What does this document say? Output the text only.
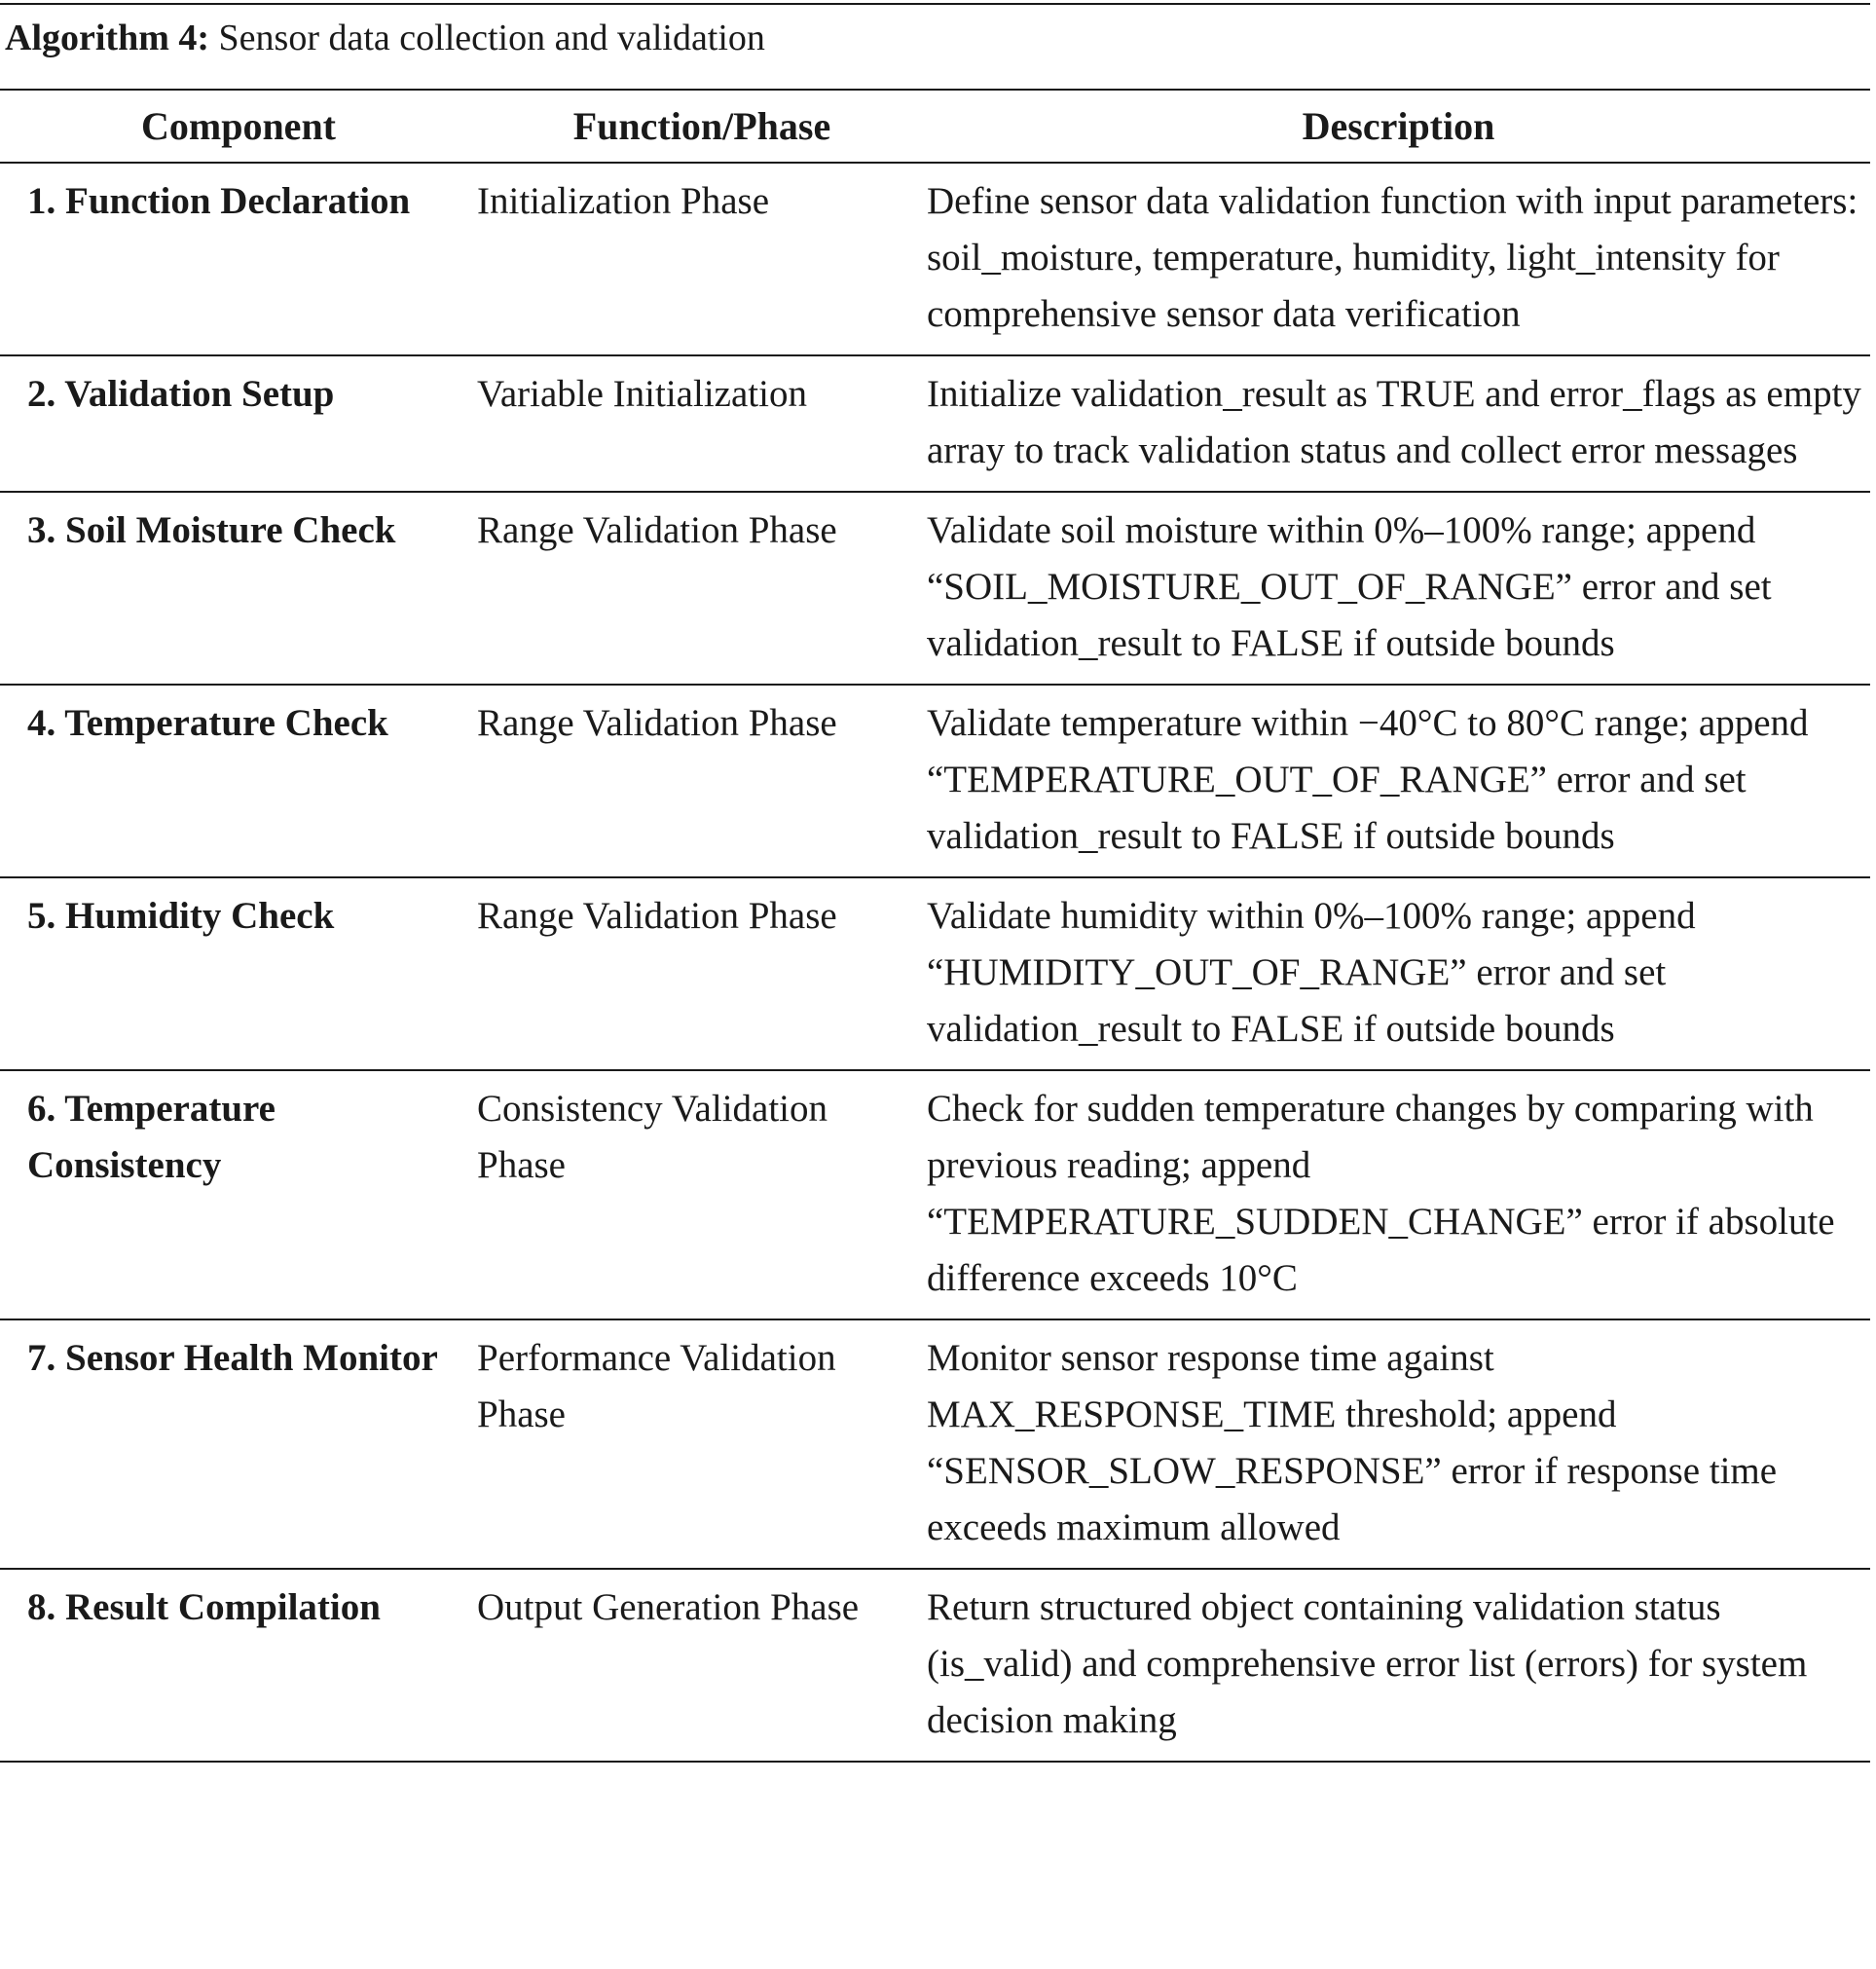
Algorithm 4: Sensor data collection and validation
Component	Function/Phase	Description
1. Function Declaration	Initialization Phase	Define sensor data validation function with input parameters: soil_moisture, temperature, humidity, light_intensity for comprehensive sensor data verification
2. Validation Setup	Variable Initialization	Initialize validation_result as TRUE and error_flags as empty array to track validation status and collect error messages
3. Soil Moisture Check	Range Validation Phase	Validate soil moisture within 0%–100% range; append “SOIL_MOISTURE_OUT_OF_RANGE” error and set validation_result to FALSE if outside bounds
4. Temperature Check	Range Validation Phase	Validate temperature within −40°C to 80°C range; append “TEMPERATURE_OUT_OF_RANGE” error and set validation_result to FALSE if outside bounds
5. Humidity Check	Range Validation Phase	Validate humidity within 0%–100% range; append “HUMIDITY_OUT_OF_RANGE” error and set validation_result to FALSE if outside bounds
6. Temperature Consistency	Consistency Validation Phase	Check for sudden temperature changes by comparing with previous reading; append “TEMPERATURE_SUDDEN_CHANGE” error if absolute difference exceeds 10°C
7. Sensor Health Monitor	Performance Validation Phase	Monitor sensor response time against MAX_RESPONSE_TIME threshold; append “SENSOR_SLOW_RESPONSE” error if response time exceeds maximum allowed
8. Result Compilation	Output Generation Phase	Return structured object containing validation status (is_valid) and comprehensive error list (errors) for system decision making
